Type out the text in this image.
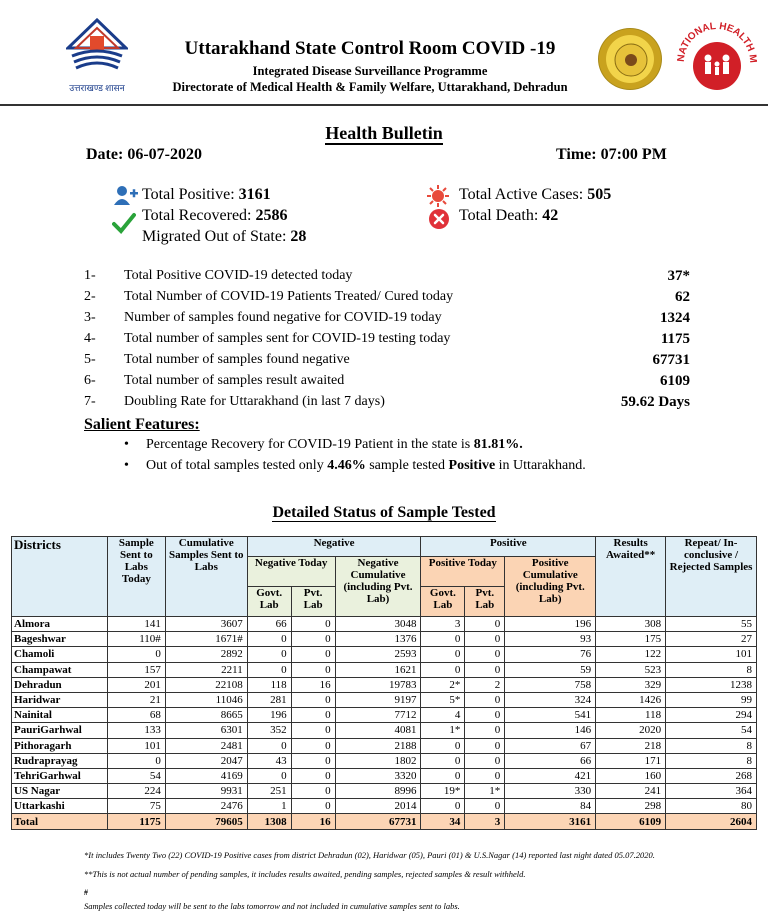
उत्तराखण्ड शासन
Uttarakhand State Control Room COVID -19
Integrated Disease Surveillance Programme
Directorate of Medical Health & Family Welfare, Uttarakhand, Dehradun
NATIONAL HEALTH M
Health Bulletin
Date: 06-07-2020	Time: 07:00 PM
Total Positive: 3161
Total Recovered: 2586
Migrated Out of State: 28
Total Active Cases: 505
Total Death: 42
1- Total Positive COVID-19 detected today	37*
2- Total Number of COVID-19 Patients Treated/ Cured today	62
3- Number of samples found negative for COVID-19 today	1324
4- Total number of samples sent for COVID-19 testing today	1175
5- Total number of samples found negative	67731
6- Total number of samples result awaited	6109
7- Doubling Rate for Uttarakhand (in last 7 days)	59.62 Days
Salient Features:
• Percentage Recovery for COVID-19 Patient in the state is 81.81%.
• Out of total samples tested only 4.46% sample tested Positive in Uttarakhand.
Detailed Status of Sample Tested
Districts	Sample Sent to Labs Today	Cumulative Samples Sent to Labs	Negative			Positive			Results Awaited**	Repeat/ In-conclusive / Rejected Samples
			Negative Today		Negative Cumulative (including Pvt. Lab)	Positive Today		Positive Cumulative (including Pvt. Lab)		
			Govt. Lab	Pvt. Lab		Govt. Lab	Pvt. Lab			
Almora	141	3607	66	0	3048	3	0	196	308	55
Bageshwar	110#	1671#	0	0	1376	0	0	93	175	27
Chamoli	0	2892	0	0	2593	0	0	76	122	101
Champawat	157	2211	0	0	1621	0	0	59	523	8
Dehradun	201	22108	118	16	19783	2*	2	758	329	1238
Haridwar	21	11046	281	0	9197	5*	0	324	1426	99
Nainital	68	8665	196	0	7712	4	0	541	118	294
PauriGarhwal	133	6301	352	0	4081	1*	0	146	2020	54
Pithoragarh	101	2481	0	0	2188	0	0	67	218	8
Rudraprayag	0	2047	43	0	1802	0	0	66	171	8
TehriGarhwal	54	4169	0	0	3320	0	0	421	160	268
US Nagar	224	9931	251	0	8996	19*	1*	330	241	364
Uttarkashi	75	2476	1	0	2014	0	0	84	298	80
Total	1175	79605	1308	16	67731	34	3	3161	6109	2604
*It includes Twenty Two (22) COVID-19 Positive cases from district Dehradun (02), Haridwar (05), Pauri (01) & U.S.Nagar (14) reported last night dated 05.07.2020.
**This is not actual number of pending samples, it includes results awaited, pending samples, rejected samples & result withheld.
#
Samples collected today will be sent to the labs tomorrow and not included in cumulative samples sent to labs.
